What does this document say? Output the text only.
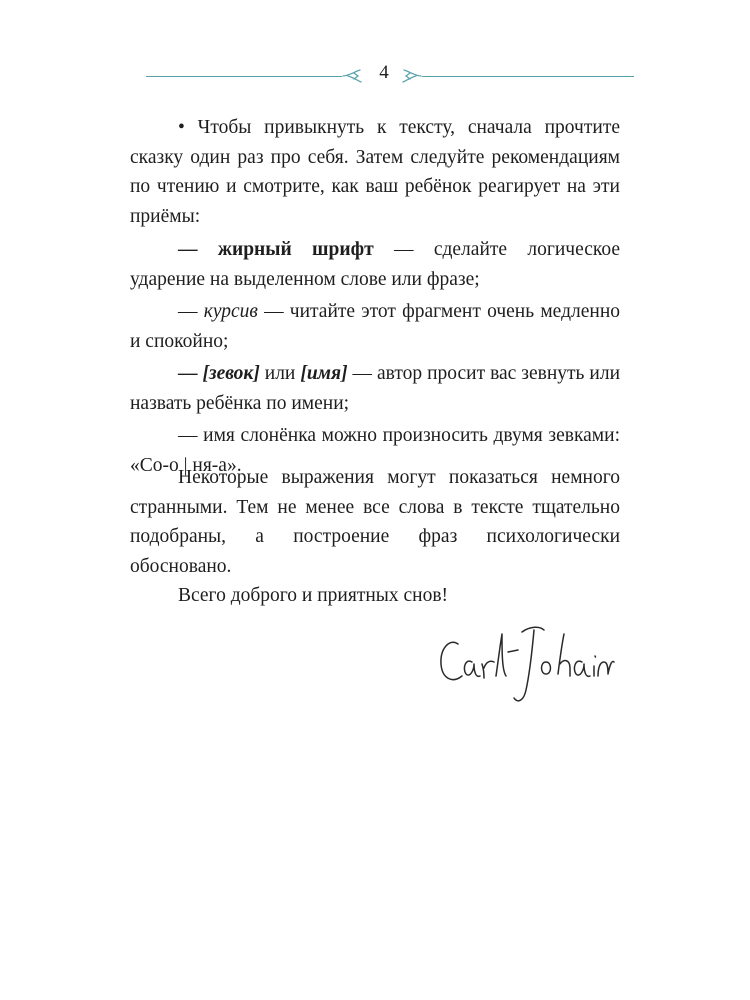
4

• Чтобы привыкнуть к тексту, сначала прочтите сказку один раз про себя. Затем следуйте рекомендациям по чтению и смотрите, как ваш ребёнок реагирует на эти приёмы:

— жирный шрифт — сделайте логическое ударение на выделенном слове или фразе;

— курсив — читайте этот фрагмент очень медленно и спокойно;

— [зевок] или [имя] — автор просит вас зевнуть или назвать ребёнка по имени;

— имя слонёнка можно произносить двумя зевками: «Со-о | ня-а».

Некоторые выражения могут показаться немного странными. Тем не менее все слова в тексте тщательно подобраны, а построение фраз психологически обосновано.

Всего доброго и приятных снов!
